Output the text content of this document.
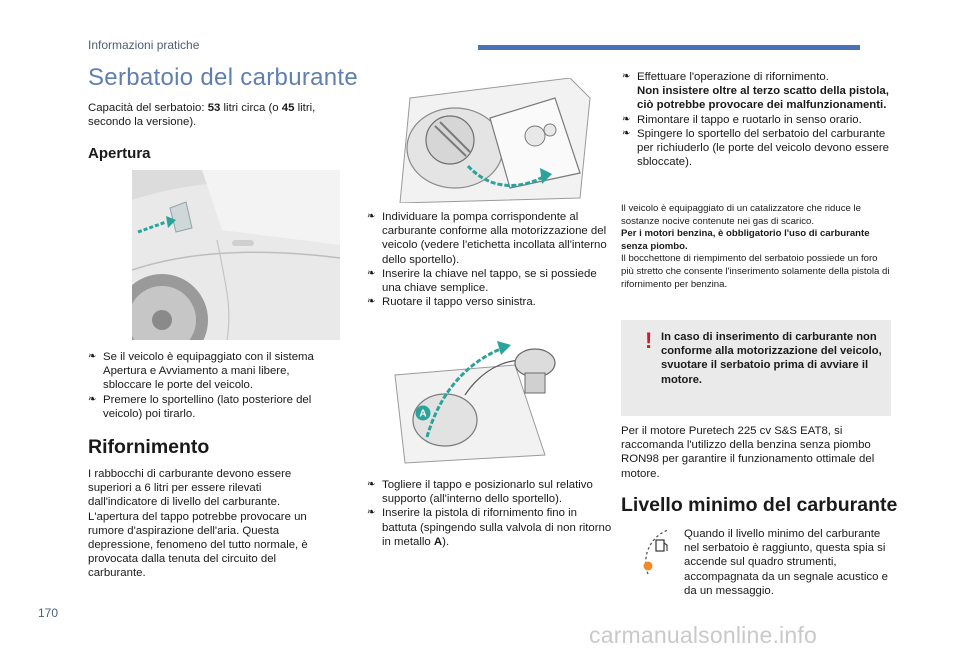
Informazioni pratiche
Serbatoio del carburante
Capacità del serbatoio: 53 litri circa (o 45 litri, secondo la versione).
Apertura
❧ Se il veicolo è equipaggiato con il sistema Apertura e Avviamento a mani libere, sbloccare le porte del veicolo.
❧ Premere lo sportellino (lato posteriore del veicolo) poi tirarlo.
Rifornimento
I rabbocchi di carburante devono essere superiori a 6 litri per essere rilevati dall'indicatore di livello del carburante. L'apertura del tappo potrebbe provocare un rumore d'aspirazione dell'aria. Questa depressione, fenomeno del tutto normale, è provocata dalla tenuta del circuito del carburante.
❧ Individuare la pompa corrispondente al carburante conforme alla motorizzazione del veicolo (vedere l'etichetta incollata all'interno dello sportello).
❧ Inserire la chiave nel tappo, se si possiede una chiave semplice.
❧ Ruotare il tappo verso sinistra.
A
❧ Togliere il tappo e posizionarlo sul relativo supporto (all'interno dello sportello).
❧ Inserire la pistola di rifornimento fino in battuta (spingendo sulla valvola di non ritorno in metallo A).
❧ Effettuare l'operazione di rifornimento.
Non insistere oltre al terzo scatto della pistola, ciò potrebbe provocare dei malfunzionamenti.
❧ Rimontare il tappo e ruotarlo in senso orario.
❧ Spingere lo sportello del serbatoio del carburante per richiuderlo (le porte del veicolo devono essere sbloccate).
Il veicolo è equipaggiato di un catalizzatore che riduce le sostanze nocive contenute nei gas di scarico.
Per i motori benzina, è obbligatorio l'uso di carburante senza piombo.
Il bocchettone di riempimento del serbatoio possiede un foro più stretto che consente l'inserimento solamente della pistola di rifornimento per benzina.
! In caso di inserimento di carburante non conforme alla motorizzazione del veicolo, svuotare il serbatoio prima di avviare il motore.
Per il motore Puretech 225 cv S&S EAT8, si raccomanda l'utilizzo della benzina senza piombo RON98 per garantire il funzionamento ottimale del motore.
Livello minimo del carburante
Quando il livello minimo del carburante nel serbatoio è raggiunto, questa spia si accende sul quadro strumenti, accompagnata da un segnale acustico e da un messaggio.
170
carmanualsonline.info
